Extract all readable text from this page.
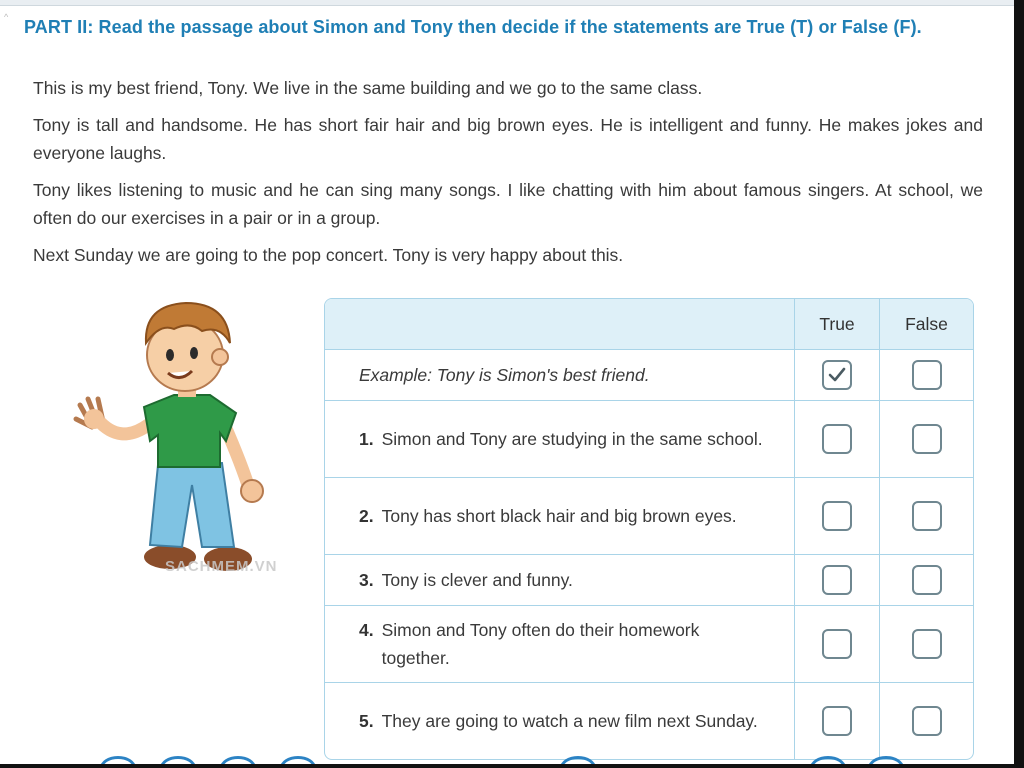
^ PART II: Read the passage about Simon and Tony then decide if the statements are True (T) or False (F).

This is my best friend, Tony. We live in the same building and we go to the same class.

Tony is tall and handsome. He has short fair hair and big brown eyes. He is intelligent and funny. He makes jokes and everyone laughs.

Tony likes listening to music and he can sing many songs. I like chatting with him about famous singers. At school, we often do our exercises in a pair or in a group.

Next Sunday we are going to the pop concert. Tony is very happy about this.

SACHMEM.VN
True	False
Example: Tony is Simon's best friend.
1. Simon and Tony are studying in the same school.
2. Tony has short black hair and big brown eyes.
3. Tony is clever and funny.
4. Simon and Tony often do their homework together.
5. They are going to watch a new film next Sunday.
